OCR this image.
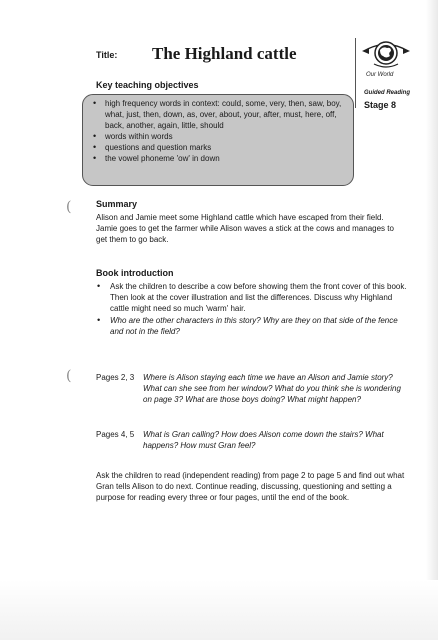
Title: The Highland cattle
Our World
Guided Reading
Stage 8
Key teaching objectives
• high frequency words in context: could, some, very, then, saw, boy, what, just, then, down, as, over, about, your, after, must, here, off, back, another, again, little, should
• words within words
• questions and question marks
• the vowel phoneme 'ow' in down
(	Summary

Alison and Jamie meet some Highland cattle which have escaped from their field. Jamie goes to get the farmer while Alison waves a stick at the cows and manages to get them to go back.

Book introduction
• Ask the children to describe a cow before showing them the front cover of this book. Then look at the cover illustration and list the differences. Discuss why Highland cattle might need so much 'warm' hair.
• Who are the other characters in this story? Why are they on that side of the fence and not in the field?
(	Pages 2, 3	Where is Alison staying each time we have an Alison and Jamie story? What can she see from her window? What do you think she is wondering on page 3? What are those boys doing? What might happen?
Pages 4, 5	What is Gran calling? How does Alison come down the stairs? What happens? How must Gran feel?

Ask the children to read (independent reading) from page 2 to page 5 and find out what Gran tells Alison to do next. Continue reading, discussing, questioning and setting a purpose for reading every three or four pages, until the end of the book.
